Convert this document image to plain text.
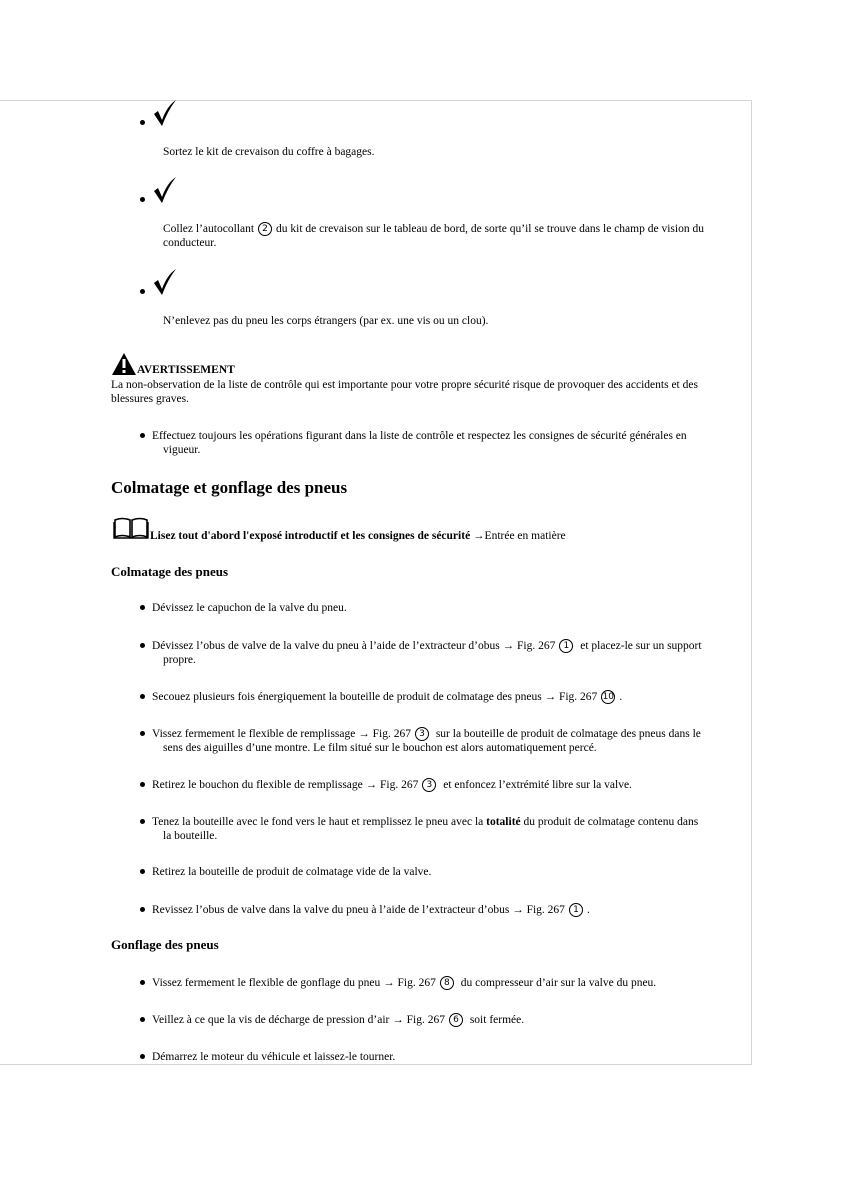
Sortez le kit de crevaison du coffre à bagages.
Collez l’autocollant 2 du kit de crevaison sur le tableau de bord, de sorte qu’il se trouve dans le champ de vision du
conducteur.
N’enlevez pas du pneu les corps étrangers (par ex. une vis ou un clou).
AVERTISSEMENT
La non-observation de la liste de contrôle qui est importante pour votre propre sécurité risque de provoquer des accidents et des
blessures graves.
Effectuez toujours les opérations figurant dans la liste de contrôle et respectez les consignes de sécurité générales en
vigueur.
Colmatage et gonflage des pneus
Lisez tout d'abord l'exposé introductif et les consignes de sécurité →Entrée en matière
Colmatage des pneus
Dévissez le capuchon de la valve du pneu.
Dévissez l’obus de valve de la valve du pneu à l’aide de l’extracteur d’obus → Fig. 267 1 et placez-le sur un support
propre.
Secouez plusieurs fois énergiquement la bouteille de produit de colmatage des pneus → Fig. 267 10 .
Vissez fermement le flexible de remplissage → Fig. 267 3 sur la bouteille de produit de colmatage des pneus dans le
sens des aiguilles d’une montre. Le film situé sur le bouchon est alors automatiquement percé.
Retirez le bouchon du flexible de remplissage → Fig. 267 3 et enfoncez l’extrémité libre sur la valve.
Tenez la bouteille avec le fond vers le haut et remplissez le pneu avec la totalité du produit de colmatage contenu dans
la bouteille.
Retirez la bouteille de produit de colmatage vide de la valve.
Revissez l’obus de valve dans la valve du pneu à l’aide de l’extracteur d’obus → Fig. 267 1 .
Gonflage des pneus
Vissez fermement le flexible de gonflage du pneu → Fig. 267 8 du compresseur d’air sur la valve du pneu.
Veillez à ce que la vis de décharge de pression d’air → Fig. 267 6 soit fermée.
Démarrez le moteur du véhicule et laissez-le tourner.
